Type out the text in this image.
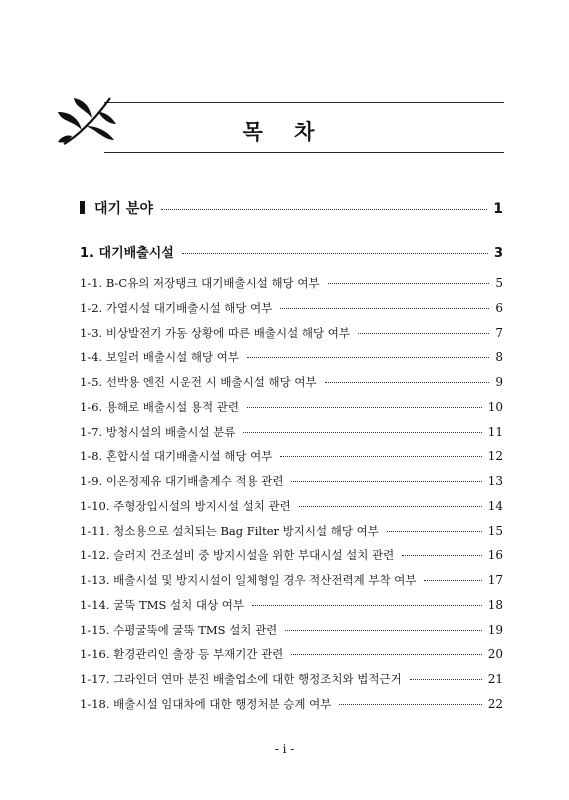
목 차
대기 분야	1
1. 대기배출시설	3
1-1. B-C유의 저장탱크 대기배출시설 해당 여부	5
1-2. 가열시설 대기배출시설 해당 여부	6
1-3. 비상발전기 가동 상황에 따른 배출시설 해당 여부	7
1-4. 보일러 배출시설 해당 여부	8
1-5. 선박용 엔진 시운전 시 배출시설 해당 여부	9
1-6. 용해로 배출시설 용적 관련	10
1-7. 방청시설의 배출시설 분류	11
1-8. 혼합시설 대기배출시설 해당 여부	12
1-9. 이온정제유 대기배출계수 적용 관련	13
1-10. 주형장입시설의 방지시설 설치 관련	14
1-11. 청소용으로 설치되는 Bag Filter 방지시설 해당 여부	15
1-12. 슬러지 건조설비 중 방지시설을 위한 부대시설 설치 관련	16
1-13. 배출시설 및 방지시설이 일체형일 경우 적산전력계 부착 여부	17
1-14. 굴뚝 TMS 설치 대상 여부	18
1-15. 수평굴뚝에 굴뚝 TMS 설치 관련	19
1-16. 환경관리인 출장 등 부재기간 관련	20
1-17. 그라인더 연마 분진 배출업소에 대한 행정조치와 법적근거	21
1-18. 배출시설 임대차에 대한 행정처분 승계 여부	22
- i -
